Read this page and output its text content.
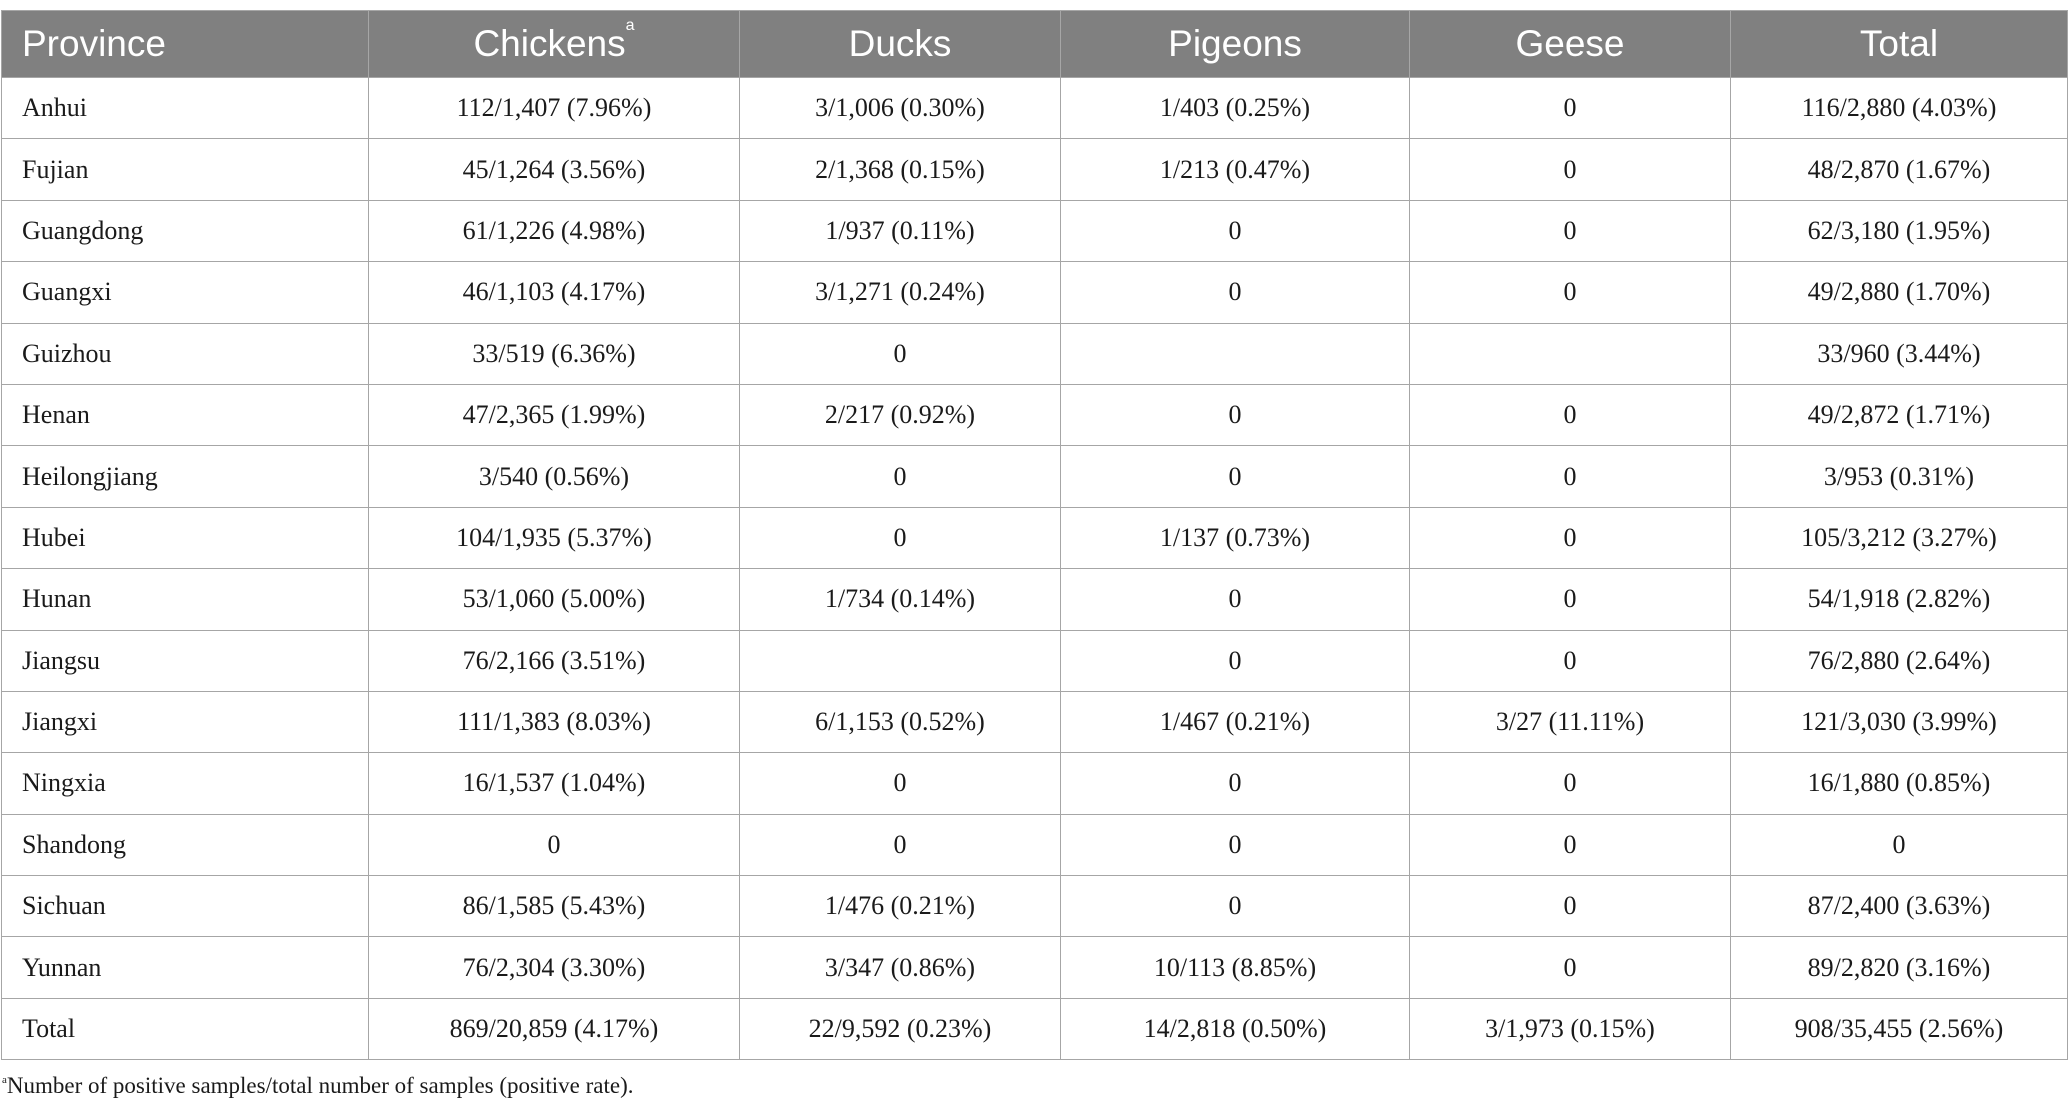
Province	Chickens$^a$	Ducks	Pigeons	Geese	Total
Anhui	112/1,407 (7.96%)	3/1,006 (0.30%)	1/403 (0.25%)	0	116/2,880 (4.03%)
Fujian	45/1,264 (3.56%)	2/1,368 (0.15%)	1/213 (0.47%)	0	48/2,870 (1.67%)
Guangdong	61/1,226 (4.98%)	1/937 (0.11%)	0	0	62/3,180 (1.95%)
Guangxi	46/1,103 (4.17%)	3/1,271 (0.24%)	0	0	49/2,880 (1.70%)
Guizhou	33/519 (6.36%)	0			33/960 (3.44%)
Henan	47/2,365 (1.99%)	2/217 (0.92%)	0	0	49/2,872 (1.71%)
Heilongjiang	3/540 (0.56%)	0	0	0	3/953 (0.31%)
Hubei	104/1,935 (5.37%)	0	1/137 (0.73%)	0	105/3,212 (3.27%)
Hunan	53/1,060 (5.00%)	1/734 (0.14%)	0	0	54/1,918 (2.82%)
Jiangsu	76/2,166 (3.51%)		0	0	76/2,880 (2.64%)
Jiangxi	111/1,383 (8.03%)	6/1,153 (0.52%)	1/467 (0.21%)	3/27 (11.11%)	121/3,030 (3.99%)
Ningxia	16/1,537 (1.04%)	0	0	0	16/1,880 (0.85%)
Shandong	0	0	0	0	0
Sichuan	86/1,585 (5.43%)	1/476 (0.21%)	0	0	87/2,400 (3.63%)
Yunnan	76/2,304 (3.30%)	3/347 (0.86%)	10/113 (8.85%)	0	89/2,820 (3.16%)
Total	869/20,859 (4.17%)	22/9,592 (0.23%)	14/2,818 (0.50%)	3/1,973 (0.15%)	908/35,455 (2.56%)
$^a$Number of positive samples/total number of samples (positive rate).
